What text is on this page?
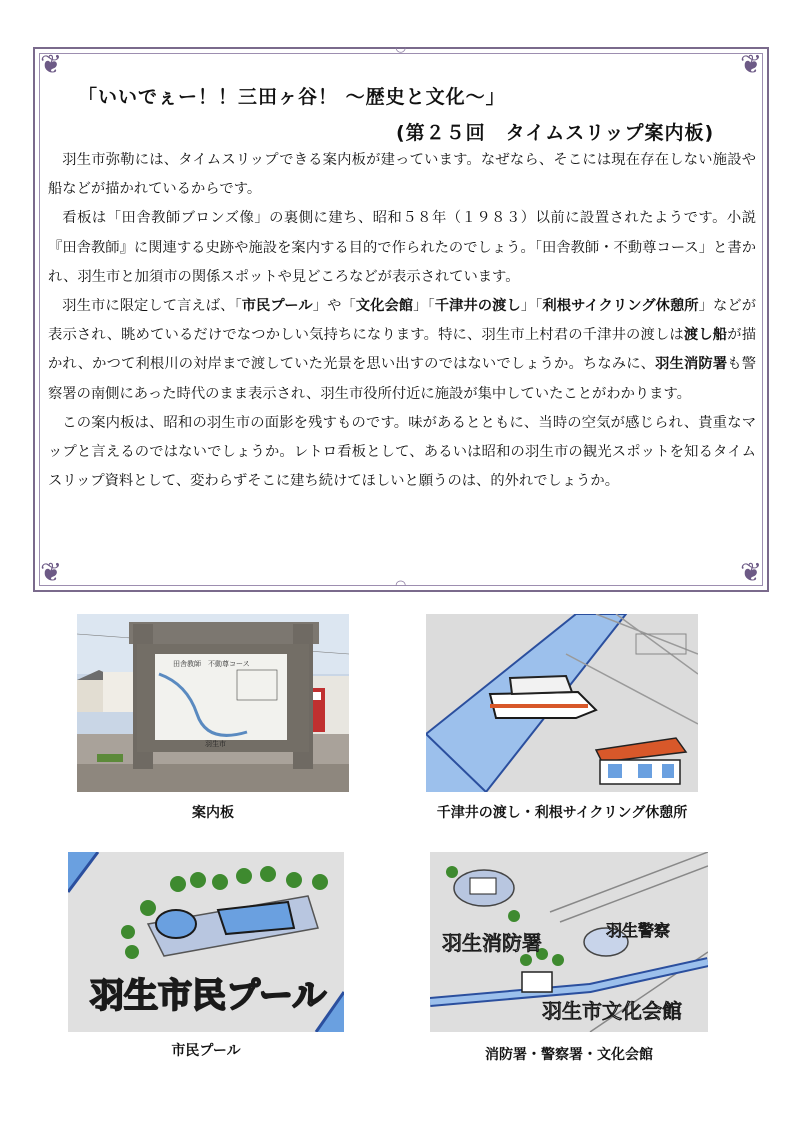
❦	❦
❦	❦
◡
◠
「いいでぇー！！三田ヶ谷！ ～歴史と文化～」
(第２５回　タイムスリップ案内板)

羽生市弥勒には、タイムスリップできる案内板が建っています。なぜなら、そこには現在存在しない施設や船などが描かれているからです。

看板は「田舎教師ブロンズ像」の裏側に建ち、昭和５８年（１９８３）以前に設置されたようです。小説『田舎教師』に関連する史跡や施設を案内する目的で作られたのでしょう。「田舎教師・不動尊コース」と書かれ、羽生市と加須市の関係スポットや見どころなどが表示されています。

羽生市に限定して言えば、「市民プール」や「文化会館」「千津井の渡し」「利根サイクリング休憩所」などが表示され、眺めているだけでなつかしい気持ちになります。特に、羽生市上村君の千津井の渡しは渡し船が描かれ、かつて利根川の対岸まで渡していた光景を思い出すのではないでしょうか。ちなみに、羽生消防署も警察署の南側にあった時代のまま表示され、羽生市役所付近に施設が集中していたことがわかります。

この案内板は、昭和の羽生市の面影を残すものです。味があるとともに、当時の空気が感じられ、貴重なマップと言えるのではないでしょうか。レトロ看板として、あるいは昭和の羽生市の観光スポットを知るタイムスリップ資料として、変わらずそこに建ち続けてほしいと願うのは、的外れでしょうか。

田舎教師　不動尊コース
羽生市
案内板	千津井の渡し・利根サイクリング休憩所
羽生市民プール
市民プール
羽生消防署
羽生警察
羽生市文化会館
消防署・警察署・文化会館
